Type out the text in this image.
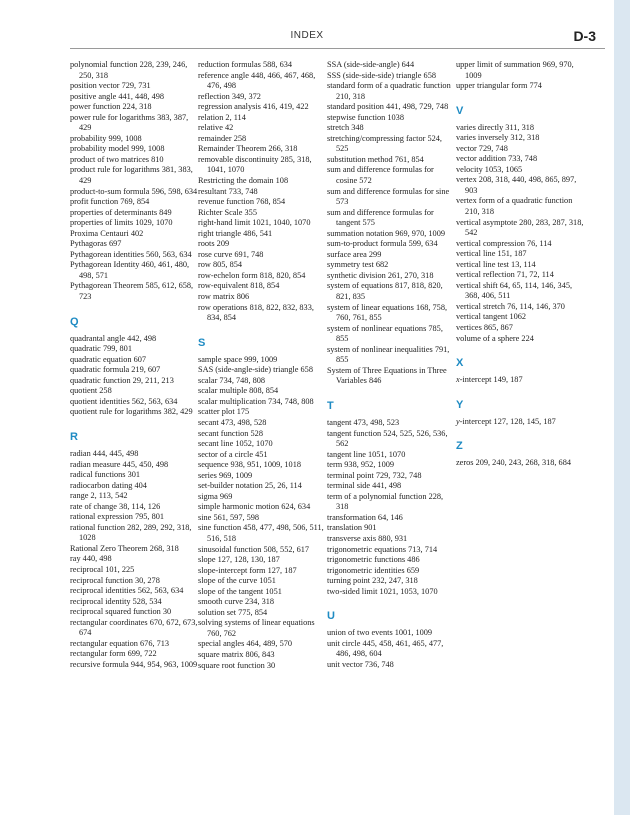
INDEX	D-3
polynomial function 228, 239, 246, 250, 318
position vector 729, 731
positive angle 441, 448, 498
power function 224, 318
power rule for logarithms 383, 387, 429
probability 999, 1008
probability model 999, 1008
product of two matrices 810
product rule for logarithms 381, 383, 429
product-to-sum formula 596, 598, 634
profit function 769, 854
properties of determinants 849
properties of limits 1029, 1070
Proxima Centauri 402
Pythagoras 697
Pythagorean identities 560, 563, 634
Pythagorean Identity 460, 461, 480, 498, 571
Pythagorean Theorem 585, 612, 658, 723
Q
quadrantal angle 442, 498
quadratic 799, 801
quadratic equation 607
quadratic formula 219, 607
quadratic function 29, 211, 213
quotient 258
quotient identities 562, 563, 634
quotient rule for logarithms 382, 429
R
radian 444, 445, 498
radian measure 445, 450, 498
radical functions 301
radiocarbon dating 404
range 2, 113, 542
rate of change 38, 114, 126
rational expression 795, 801
rational function 282, 289, 292, 318, 1028
Rational Zero Theorem 268, 318
ray 440, 498
reciprocal 101, 225
reciprocal function 30, 278
reciprocal identities 562, 563, 634
reciprocal identity 528, 534
reciprocal squared function 30
rectangular coordinates 670, 672, 673, 674
rectangular equation 676, 713
rectangular form 699, 722
recursive formula 944, 954, 963, 1009
reduction formulas 588, 634
reference angle 448, 466, 467, 468, 476, 498
reflection 349, 372
regression analysis 416, 419, 422
relation 2, 114
relative 42
remainder 258
Remainder Theorem 266, 318
removable discontinuity 285, 318, 1041, 1070
Restricting the domain 108
resultant 733, 748
revenue function 768, 854
Richter Scale 355
right-hand limit 1021, 1040, 1070
right triangle 486, 541
roots 209
rose curve 691, 748
row 805, 854
row-echelon form 818, 820, 854
row-equivalent 818, 854
row matrix 806
row operations 818, 822, 832, 833, 834, 854
S
sample space 999, 1009
SAS (side-angle-side) triangle 658
scalar 734, 748, 808
scalar multiple 808, 854
scalar multiplication 734, 748, 808
scatter plot 175
secant 473, 498, 528
secant function 528
secant line 1052, 1070
sector of a circle 451
sequence 938, 951, 1009, 1018
series 969, 1009
set-builder notation 25, 26, 114
sigma 969
simple harmonic motion 624, 634
sine 561, 597, 598
sine function 458, 477, 498, 506, 511, 516, 518
sinusoidal function 508, 552, 617
slope 127, 128, 130, 187
slope-intercept form 127, 187
slope of the curve 1051
slope of the tangent 1051
smooth curve 234, 318
solution set 775, 854
solving systems of linear equations 760, 762
special angles 464, 489, 570
square matrix 806, 843
square root function 30
SSA (side-side-angle) 644
SSS (side-side-side) triangle 658
standard form of a quadratic function 210, 318
standard position 441, 498, 729, 748
stepwise function 1038
stretch 348
stretching/compressing factor 524, 525
substitution method 761, 854
sum and difference formulas for cosine 572
sum and difference formulas for sine 573
sum and difference formulas for tangent 575
summation notation 969, 970, 1009
sum-to-product formula 599, 634
surface area 299
symmetry test 682
synthetic division 261, 270, 318
system of equations 817, 818, 820, 821, 835
system of linear equations 168, 758, 760, 761, 855
system of nonlinear equations 785, 855
system of nonlinear inequalities 791, 855
System of Three Equations in Three Variables 846
T
tangent 473, 498, 523
tangent function 524, 525, 526, 536, 562
tangent line 1051, 1070
term 938, 952, 1009
terminal point 729, 732, 748
terminal side 441, 498
term of a polynomial function 228, 318
transformation 64, 146
translation 901
transverse axis 880, 931
trigonometric equations 713, 714
trigonometric functions 486
trigonometric identities 659
turning point 232, 247, 318
two-sided limit 1021, 1053, 1070
U
union of two events 1001, 1009
unit circle 445, 458, 461, 465, 477, 486, 498, 604
unit vector 736, 748
upper limit of summation 969, 970, 1009
upper triangular form 774
V
varies directly 311, 318
varies inversely 312, 318
vector 729, 748
vector addition 733, 748
velocity 1053, 1065
vertex 208, 318, 440, 498, 865, 897, 903
vertex form of a quadratic function 210, 318
vertical asymptote 280, 283, 287, 318, 542
vertical compression 76, 114
vertical line 151, 187
vertical line test 13, 114
vertical reflection 71, 72, 114
vertical shift 64, 65, 114, 146, 345, 368, 406, 511
vertical stretch 76, 114, 146, 370
vertical tangent 1062
vertices 865, 867
volume of a sphere 224
X
x-intercept 149, 187
Y
y-intercept 127, 128, 145, 187
Z
zeros 209, 240, 243, 268, 318, 684
